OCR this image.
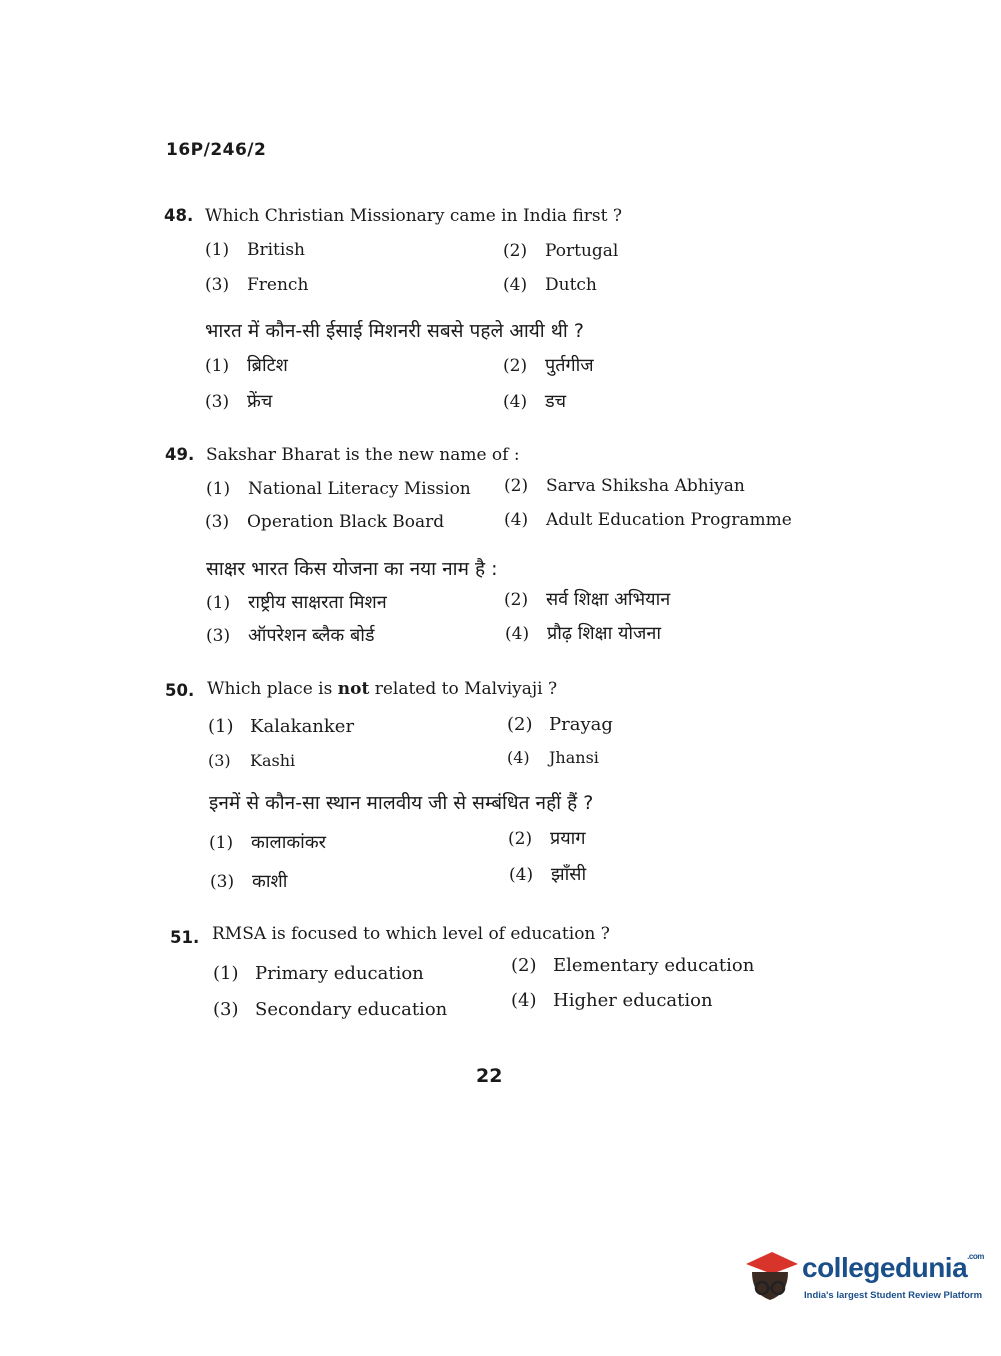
16P/246/2
48. Which Christian Missionary came in India first ?
(1) British	(2) Portugal
(3) French	(4) Dutch
भारत में कौन-सी ईसाई मिशनरी सबसे पहले आयी थी ?
(1) ब्रिटिश	(2) पुर्तगीज
(3) फ्रेंच	(4) डच
49. Sakshar Bharat is the new name of :
(1) National Literacy Mission (2) Sarva Shiksha Abhiyan
(3) Operation Black Board	(4) Adult Education Programme
साक्षर भारत किस योजना का नया नाम है :
(1) राष्ट्रीय साक्षरता मिशन	(2) सर्व शिक्षा अभियान
(3) ऑपरेशन ब्लैक बोर्ड	(4) प्रौढ़ शिक्षा योजना
50. Which place is not related to Malviyaji ?
(1) Kalakanker	(2) Prayag
(3) Kashi	(4) Jhansi
इनमें से कौन-सा स्थान मालवीय जी से सम्बंधित नहीं हैं ?
(1) कालाकांकर	(2) प्रयाग
(3) काशी	(4) झाँसी
51. RMSA is focused to which level of education ?
(1) Primary education	(2) Elementary education
(3) Secondary education	(4) Higher education
22
collegedunia$^{.com}$
India's largest Student Review Platform
